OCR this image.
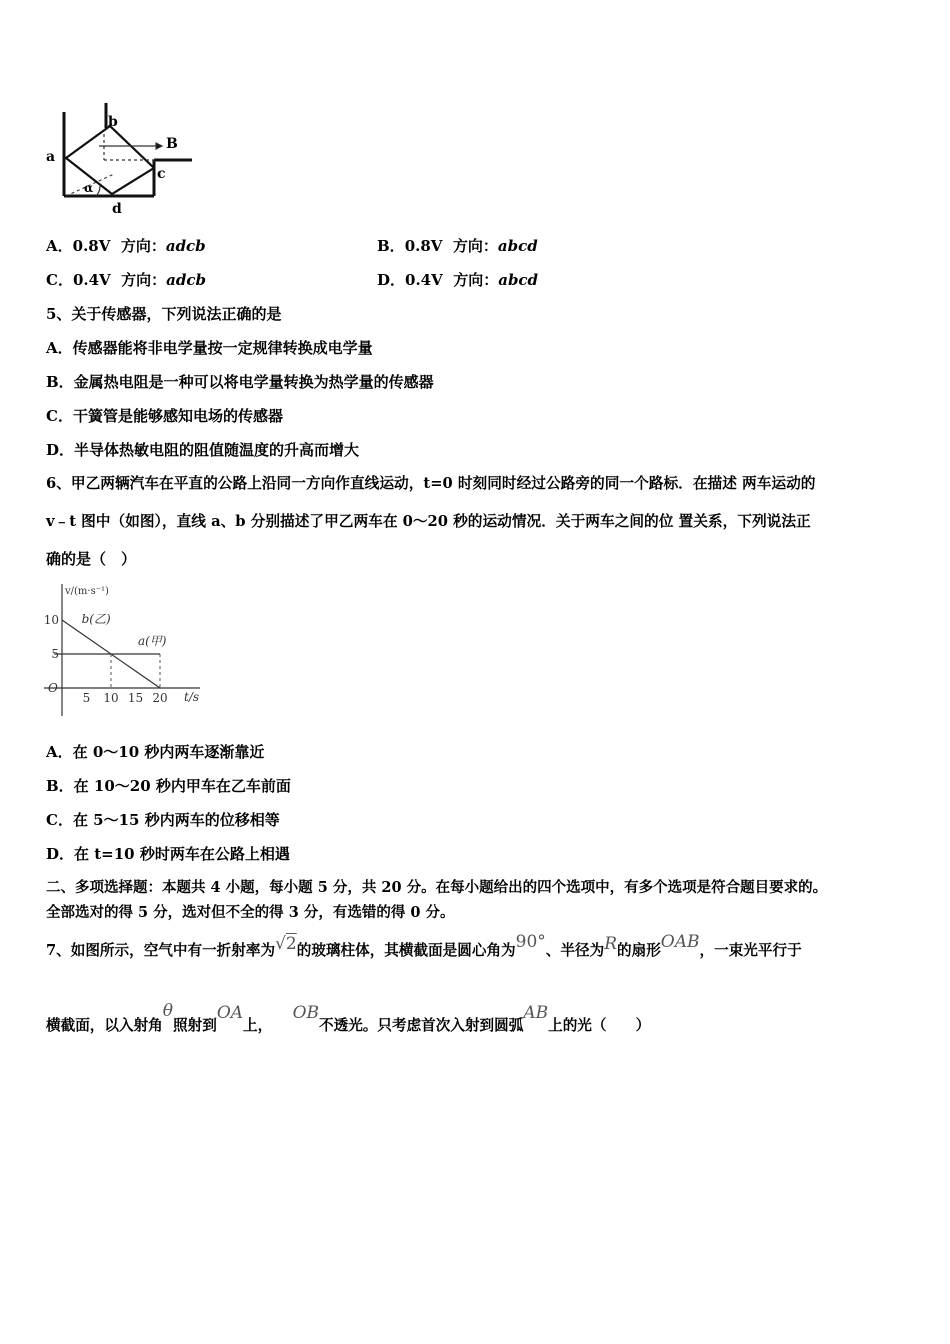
a
b
c
d
B
α
A．0.8V 方向：adcb	B．0.8V 方向：abcd
C．0.4V 方向：adcb	D．0.4V 方向：abcd
5、关于传感器，下列说法正确的是
A．传感器能将非电学量按一定规律转换成电学量
B．金属热电阻是一种可以将电学量转换为热学量的传感器
C．干簧管是能够感知电场的传感器
D．半导体热敏电阻的阻值随温度的升高而增大
6、甲乙两辆汽车在平直的公路上沿同一方向作直线运动，t=0 时刻同时经过公路旁的同一个路标．在描述 两车运动的
v﹣t 图中（如图），直线 a、b 分别描述了甲乙两车在 0～20 秒的运动情况．关于两车之间的位 置关系，下列说法正
确的是（　）
v/(m·s⁻¹)
t/s
O
5 10 15 20
5
10 b(乙)
a(甲)
A．在 0～10 秒内两车逐渐靠近
B．在 10～20 秒内甲车在乙车前面
C．在 5～15 秒内两车的位移相等
D．在 t=10 秒时两车在公路上相遇
二、多项选择题：本题共 4 小题，每小题 5 分，共 20 分。在每小题给出的四个选项中，有多个选项是符合题目要求的。
全部选对的得 5 分，选对但不全的得 3 分，有选错的得 0 分。
7、如图所示，空气中有一折射率为√2的玻璃柱体，其横截面是圆心角为90°、半径为R的扇形OAB，一束光平行于
横截面，以入射角θ照射到OA上，    OB不透光。只考虑首次入射到圆弧AB上的光（　　）
